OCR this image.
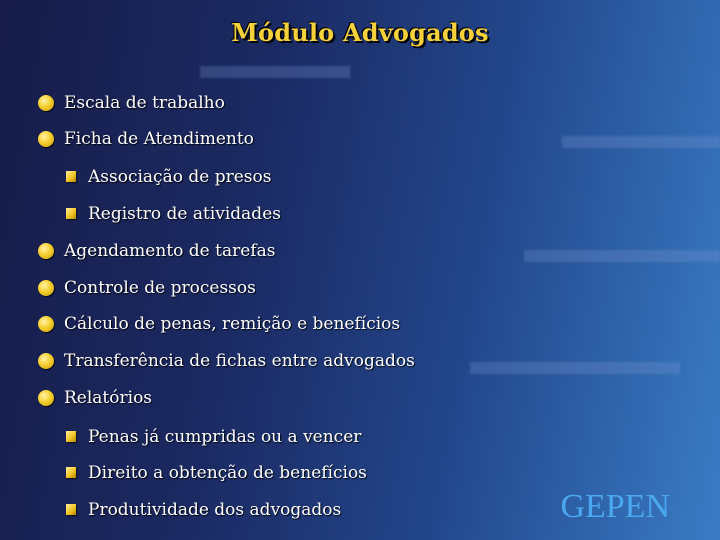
Módulo Advogados
Escala de trabalho
Ficha de Atendimento
Associação de presos
Registro de atividades
Agendamento de tarefas
Controle de processos
Cálculo de penas, remição e benefícios
Transferência de fichas entre advogados
Relatórios
Penas já cumpridas ou a vencer
Direito a obtenção de benefícios
Produtividade dos advogados	GEPEN
